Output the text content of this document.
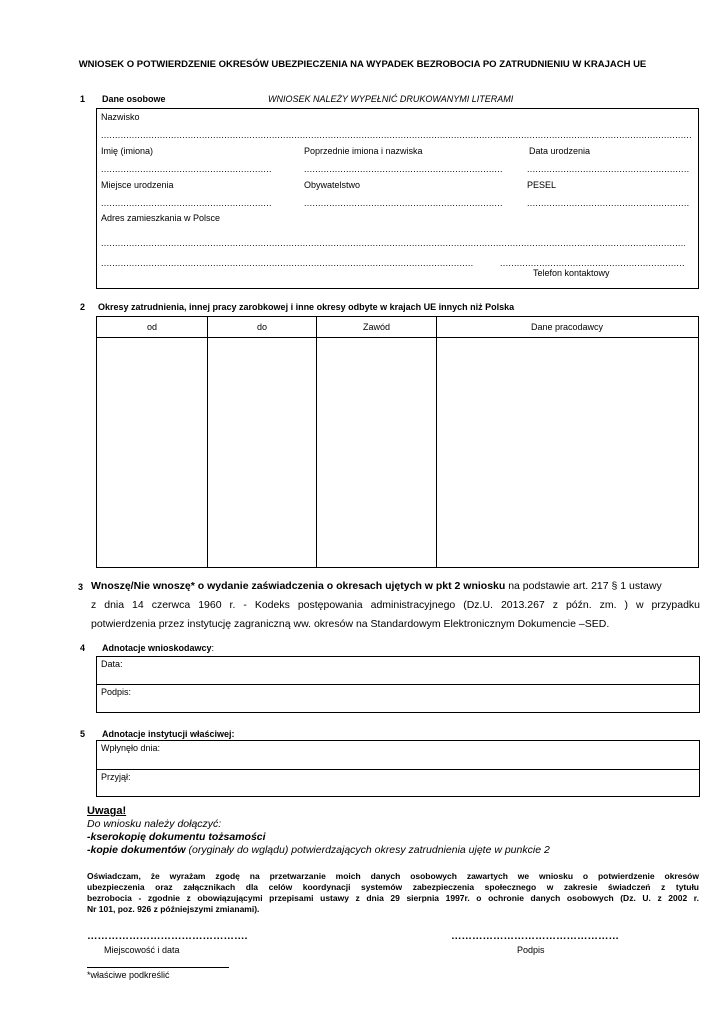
WNIOSEK O POTWIERDZENIE OKRESÓW UBEZPIECZENIA NA WYPADEK BEZROBOCIA PO ZATRUDNIENIU W KRAJACH UE
1 Dane osobowe	WNIOSEK NALEŻY WYPEŁNIĆ DRUKOWANYMI LITERAMI
Nazwisko
.....
Imię (imiona)	Poprzednie imiona i nazwiska	Data urodzenia
.....
.....
.....
Miejsce urodzenia	Obywatelstwo	PESEL
.....
.....
.....
Adres zamieszkania w Polsce
.....
.....
.....
Telefon kontaktowy
2 Okresy zatrudnienia, innej pracy zarobkowej i inne okresy odbyte w krajach UE innych niż Polska
od	do	Zawód	Dane pracodawcy
3 Wnoszę/Nie wnoszę* o wydanie zaświadczenia o okresach ujętych w pkt 2 wniosku na podstawie art. 217 § 1 ustawy
z dnia 14 czerwca 1960 r. - Kodeks postępowania administracyjnego (Dz.U. 2013.267 z późn. zm. ) w przypadku
potwierdzenia przez instytucję zagraniczną ww. okresów na Standardowym Elektronicznym Dokumencie –SED.
4 Adnotacje wnioskodawcy:
Data:
Podpis:
5 Adnotacje instytucji właściwej:
Wpłynęło dnia:
Przyjął:
Uwaga!
Do wniosku należy dołączyć:
-kserokopię dokumentu tożsamości
-kopie dokumentów (oryginały do wglądu) potwierdzających okresy zatrudnienia ujęte w punkcie 2
Oświadczam, że wyrażam zgodę na przetwarzanie moich danych osobowych zawartych we wniosku o potwierdzenie okresów
ubezpieczenia oraz załącznikach dla celów koordynacji systemów zabezpieczenia społecznego w zakresie świadczeń z tytułu
bezrobocia - zgodnie z obowiązującymi przepisami ustawy z dnia 29 sierpnia 1997r. o ochronie danych osobowych (Dz. U. z 2002 r.
Nr 101, poz. 926 z późniejszymi zmianami).
……………………………………….
Miejscowość i data
…………………………………………
Podpis
*właściwe podkreślić
